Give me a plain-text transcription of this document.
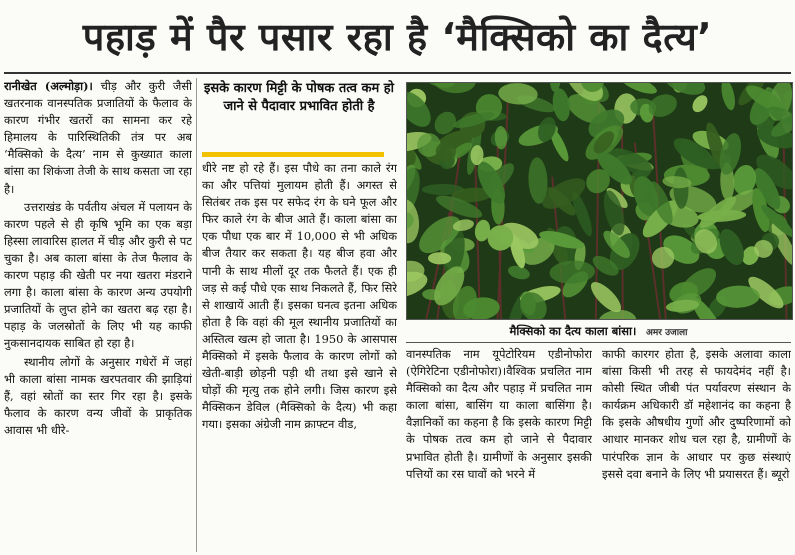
पहाड़ में पैर पसार रहा है ‘मैक्सिको का दैत्य’

रानीखेत (अल्मोड़ा)। चीड़ और कुरी जैसी खतरनाक वानस्पतिक प्रजातियों के फैलाव के कारण गंभीर खतरों का सामना कर रहे हिमालय के पारिस्थितिकी तंत्र पर अब ‘मैक्सिको के दैत्य’ नाम से कुख्यात काला बांसा का शिकंजा तेजी के साथ कसता जा रहा है।

उत्तराखंड के पर्वतीय अंचल में पलायन के कारण पहले से ही कृषि भूमि का एक बड़ा हिस्सा लावारिस हालत में चीड़ और कुरी से पट चुका है। अब काला बांसा के तेज फैलाव के कारण पहाड़ की खेती पर नया खतरा मंडराने लगा है। काला बांसा के कारण अन्य उपयोगी प्रजातियों के लुप्त होने का खतरा बढ़ रहा है। पहाड़ के जलस्रोतों के लिए भी यह काफी नुकसानदायक साबित हो रहा है।

स्थानीय लोगों के अनुसार गधेरों में जहां भी काला बांसा नामक खरपतवार की झाड़ियां हैं, वहां स्रोतों का स्तर गिर रहा है। इसके फैलाव के कारण वन्य जीवों के प्राकृतिक आवास भी धीरे-

इसके कारण मिट्टी के पोषक तत्व कम हो जाने से पैदावार प्रभावित होती है

धीरे नष्ट हो रहे हैं। इस पौधे का तना काले रंग का और पत्तियां मुलायम होती हैं। अगस्त से सितंबर तक इस पर सफेद रंग के घने फूल और फिर काले रंग के बीज आते हैं। काला बांसा का एक पौधा एक बार में 10,000 से भी अधिक बीज तैयार कर सकता है। यह बीज हवा और पानी के साथ मीलों दूर तक फैलते हैं। एक ही जड़ से कई पौधे एक साथ निकलते हैं, फिर सिरे से शाखायें आती हैं। इसका घनत्व इतना अधिक होता है कि वहां की मूल स्थानीय प्रजातियों का अस्तित्व खत्म हो जाता है। 1950 के आसपास मैक्सिको में इसके फैलाव के कारण लोगों को खेती-बाड़ी छोड़नी पड़ी थी तथा इसे खाने से घोड़ों की मृत्यु तक होने लगी। जिस कारण इसे मैक्सिकन डेविल (मैक्सिको के दैत्य) भी कहा गया। इसका अंग्रेजी नाम क्राफ्टन वीड,

मैक्सिको का दैत्य काला बांसा। अमर उजाला

वानस्पतिक नाम यूपेटोरियम एडीनोफोरा (ऐगिरेटिना एडीनोफोरा)।वैश्विक प्रचलित नाम मैक्सिको का दैत्य और पहाड़ में प्रचलित नाम काला बांसा, बासिंग या काला बासिंगा है। वैज्ञानिकों का कहना है कि इसके कारण मिट्टी के पोषक तत्व कम हो जाने से पैदावार प्रभावित होती है। ग्रामीणों के अनुसार इसकी पत्तियों का रस घावों को भरने में

काफी कारगर होता है, इसके अलावा काला बांसा किसी भी तरह से फायदेमंद नहीं है। कोसी स्थित जीबी पंत पर्यावरण संस्थान के कार्यक्रम अधिकारी डॉ महेशानंद का कहना है कि इसके औषधीय गुणों और दुष्परिणामों को आधार मानकर शोध चल रहा है, ग्रामीणों के पारंपरिक ज्ञान के आधार पर कुछ संस्थाएं इससे दवा बनाने के लिए भी प्रयासरत हैं। ब्यूरो
